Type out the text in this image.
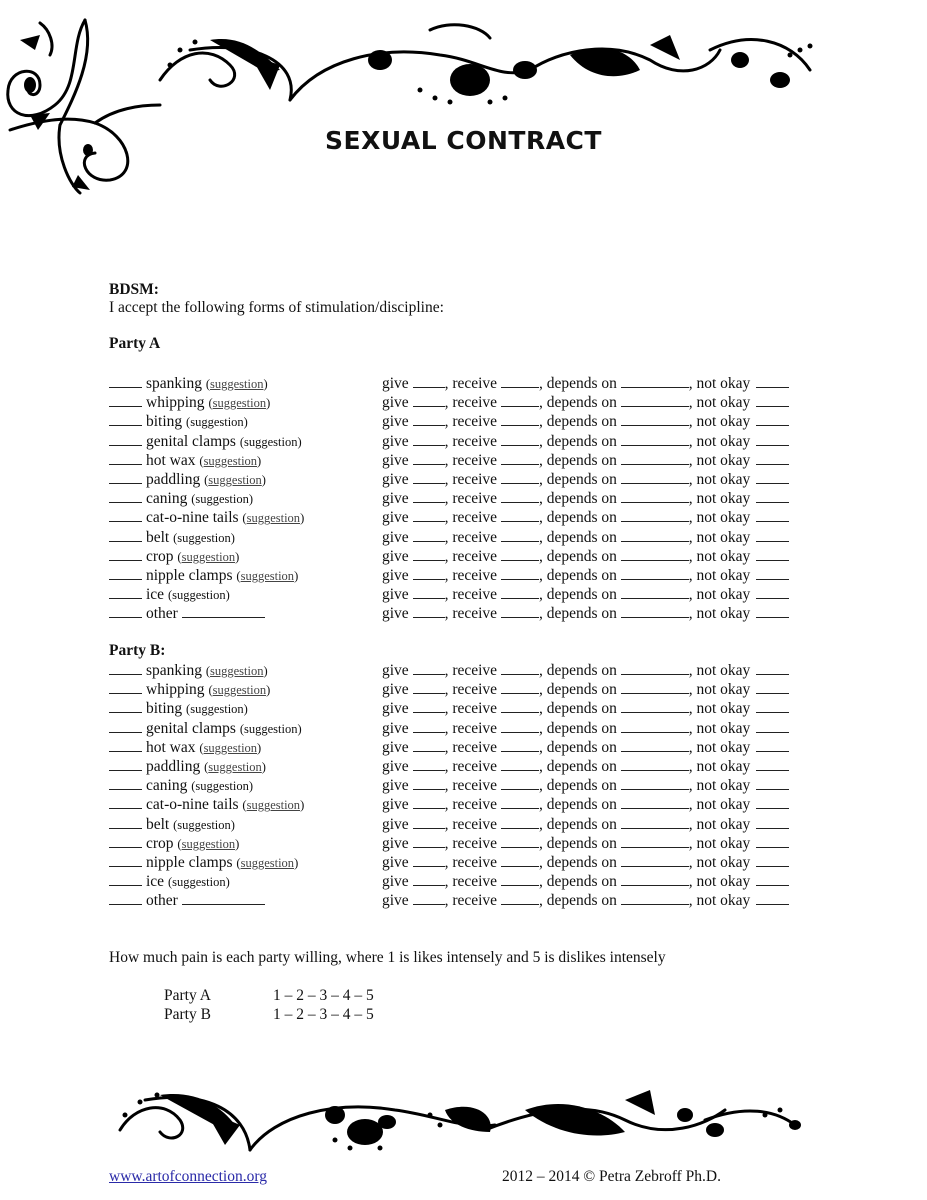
SEXUAL CONTRACT
BDSM:
I accept the following forms of stimulation/discipline:
Party A
spanking (suggestion)	give , receive	, depends on	, not okay
whipping (suggestion)	give , receive	, depends on	, not okay
biting (suggestion)	give , receive	, depends on	, not okay
genital clamps (suggestion)	give , receive	, depends on	, not okay
hot wax (suggestion)	give , receive	, depends on	, not okay
paddling (suggestion)	give , receive	, depends on	, not okay
caning (suggestion)	give , receive	, depends on	, not okay
cat-o-nine tails (suggestion)	give , receive	, depends on	, not okay
belt (suggestion)	give , receive	, depends on	, not okay
crop (suggestion)	give , receive	, depends on	, not okay
nipple clamps (suggestion)	give , receive	, depends on	, not okay
ice (suggestion)	give , receive	, depends on	, not okay
other	give , receive	, depends on	, not okay
Party B:
spanking (suggestion)	give , receive	, depends on	, not okay
whipping (suggestion)	give , receive	, depends on	, not okay
biting (suggestion)	give , receive	, depends on	, not okay
genital clamps (suggestion)	give , receive	, depends on	, not okay
hot wax (suggestion)	give , receive	, depends on	, not okay
paddling (suggestion)	give , receive	, depends on	, not okay
caning (suggestion)	give , receive	, depends on	, not okay
cat-o-nine tails (suggestion)	give , receive	, depends on	, not okay
belt (suggestion)	give , receive	, depends on	, not okay
crop (suggestion)	give , receive	, depends on	, not okay
nipple clamps (suggestion)	give , receive	, depends on	, not okay
ice (suggestion)	give , receive	, depends on	, not okay
other	give , receive	, depends on	, not okay
How much pain is each party willing, where 1 is likes intensely and 5 is dislikes intensely
Party A	1 – 2 – 3 – 4 – 5
Party B	1 – 2 – 3 – 4 – 5
www.artofconnection.org	2012 – 2014 © Petra Zebroff Ph.D.
